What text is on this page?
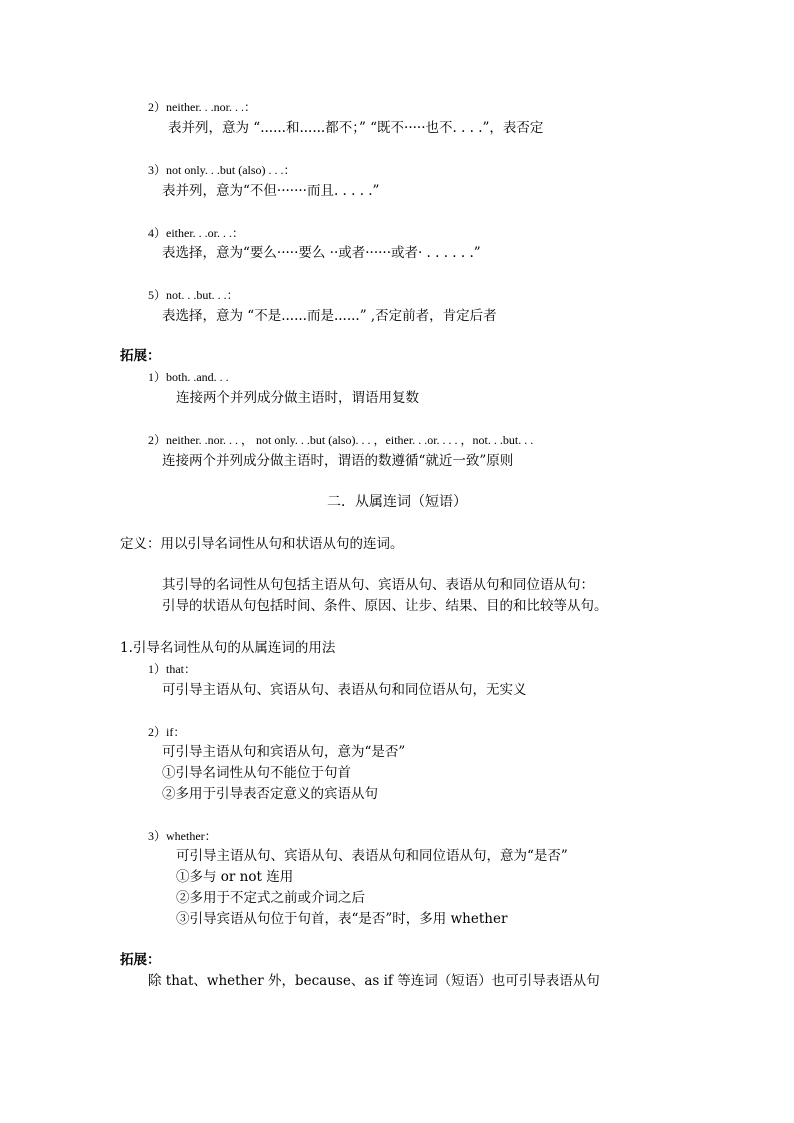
2）neither. . .nor. . .：
表并列，意为 “......和......都不；” “既不·····也不. . . .”，表否定
3）not only. . .but (also) . . .：
表并列，意为“不但·······而且. . . . .”
4）either. . .or. . .：
表选择，意为“要么·····要么 ··或者······或者· . . . . . .”
5）not. . .but. . .：
表选择，意为 “不是......而是......” ,否定前者，肯定后者
拓展：
1）both. .and. . .
连接两个并列成分做主语时，谓语用复数
2）neither. .nor. . . ， not only. . .but (also). . . ，either. . .or. . . . ，not. . .but. . .
连接两个并列成分做主语时，谓语的数遵循“就近一致”原则
二．从属连词（短语）
定义：用以引导名词性从句和状语从句的连词。
其引导的名词性从句包括主语从句、宾语从句、表语从句和同位语从句：
引导的状语从句包括时间、条件、原因、让步、结果、目的和比较等从句。
1.引导名词性从句的从属连词的用法
1）that：
可引导主语从句、宾语从句、表语从句和同位语从句，无实义
2）if：
可引导主语从句和宾语从句，意为“是否”
①引导名词性从句不能位于句首
②多用于引导表否定意义的宾语从句
3）whether：
可引导主语从句、宾语从句、表语从句和同位语从句，意为“是否”
①多与 or not 连用
②多用于不定式之前或介词之后
③引导宾语从句位于句首，表“是否”时，多用 whether
拓展：
除 that、whether 外，because、as if 等连词（短语）也可引导表语从句
